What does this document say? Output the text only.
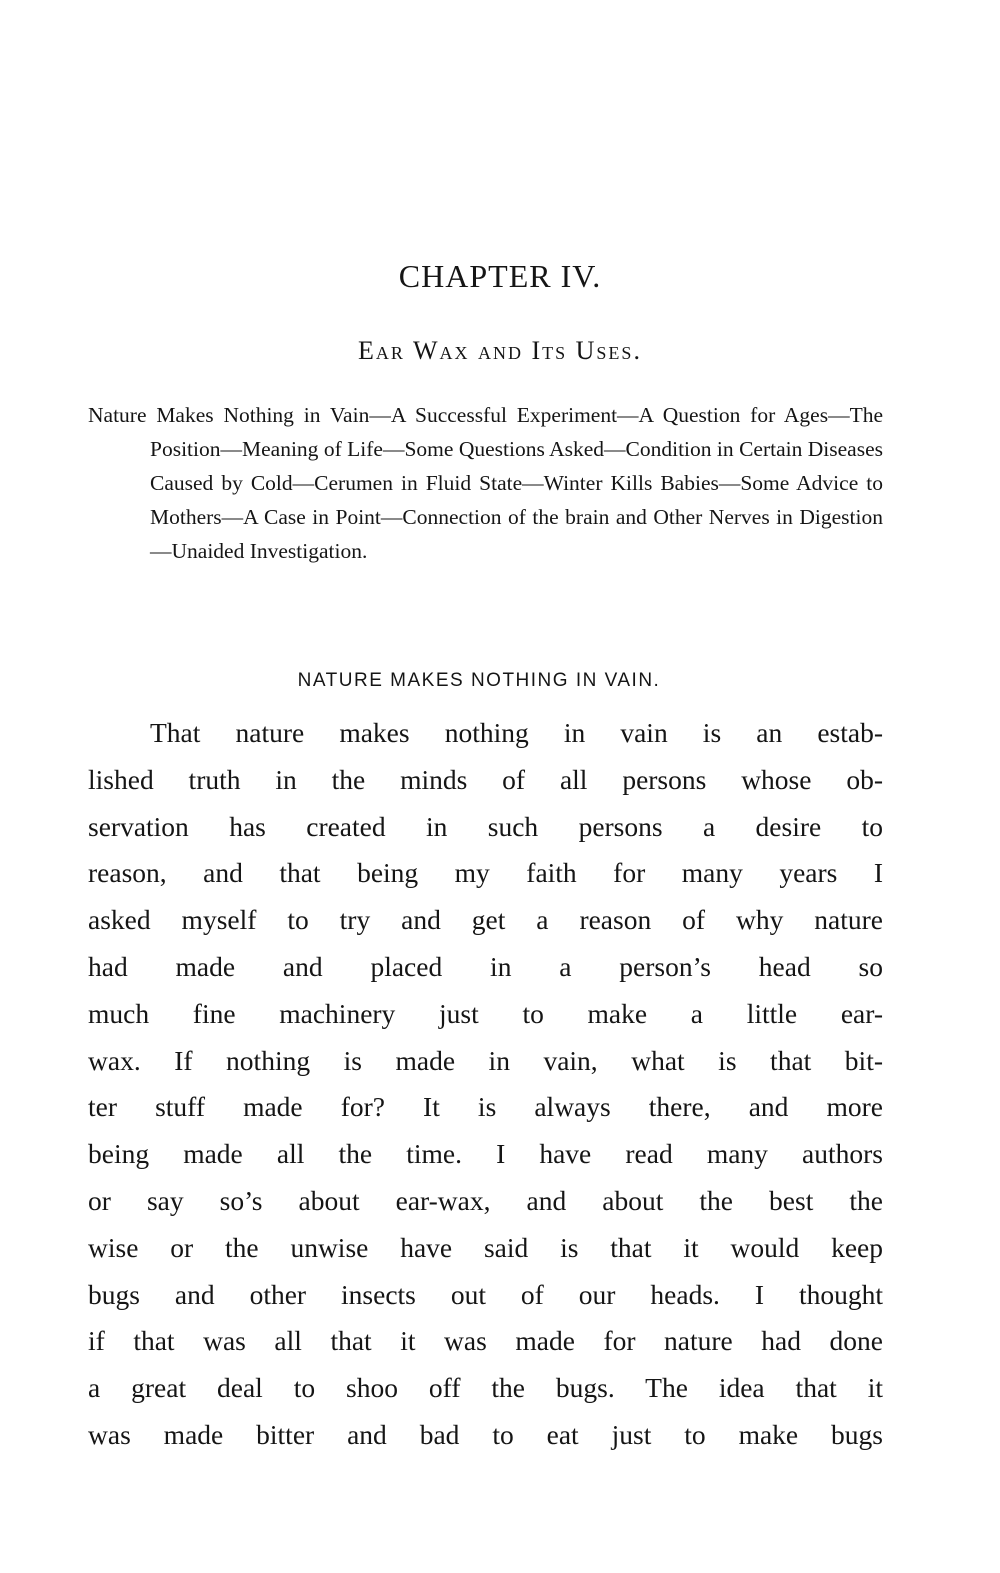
CHAPTER IV.
Ear Wax and Its Uses.

Nature Makes Nothing in Vain—A Successful Experiment—A Question for Ages—The Position—Meaning of Life—Some Questions Asked—Condition in Certain Diseases Caused by Cold—Cerumen in Fluid State—Winter Kills Babies—Some Advice to Mothers—A Case in Point—Connection of the brain and Other Nerves in Digestion—Unaided Investigation.

NATURE MAKES NOTHING IN VAIN.
That nature makes nothing in vain is an estab-
lished truth in the minds of all persons whose ob-
servation has created in such persons a desire to
reason, and that being my faith for many years I
asked myself to try and get a reason of why nature
had made and placed in a person’s head so
much fine machinery just to make a little ear-
wax. If nothing is made in vain, what is that bit-
ter stuff made for? It is always there, and more
being made all the time. I have read many authors
or say so’s about ear-wax, and about the best the
wise or the unwise have said is that it would keep
bugs and other insects out of our heads. I thought
if that was all that it was made for nature had done
a great deal to shoo off the bugs. The idea that it
was made bitter and bad to eat just to make bugs
